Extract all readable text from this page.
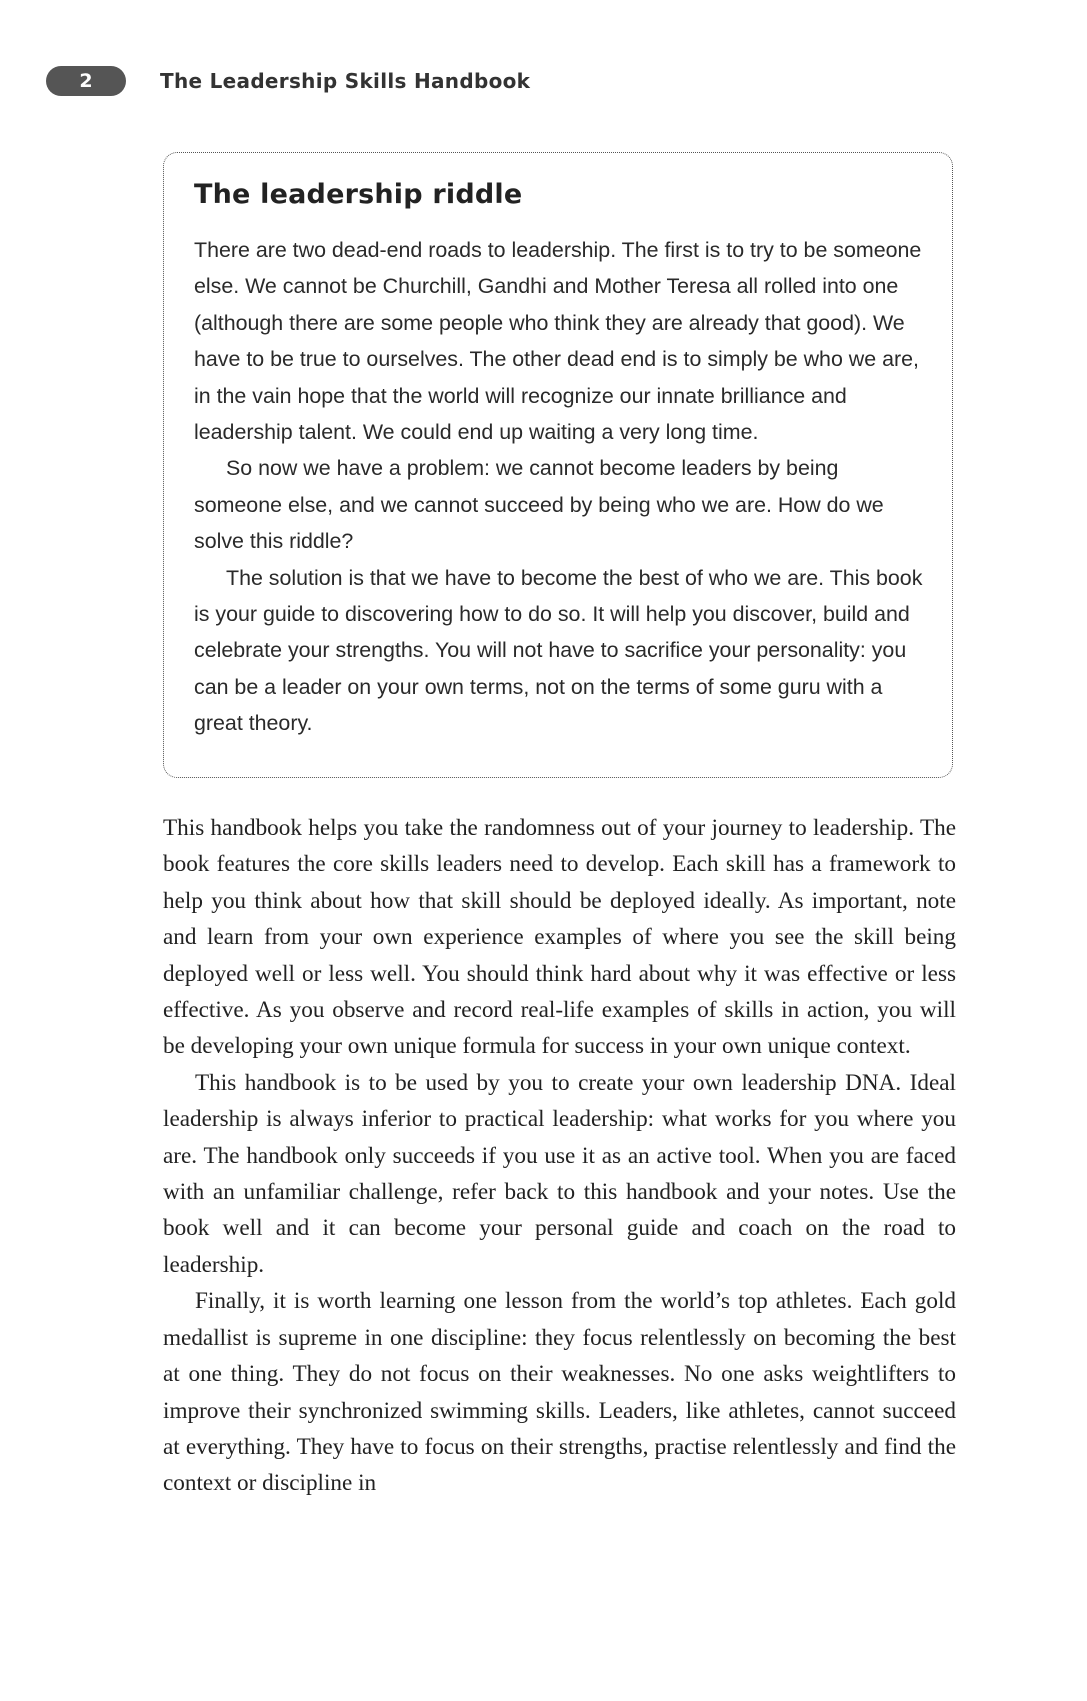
2	The Leadership Skills Handbook
The leadership riddle

There are two dead-end roads to leadership. The first is to try to be someone else. We cannot be Churchill, Gandhi and Mother Teresa all rolled into one (although there are some people who think they are already that good). We have to be true to ourselves. The other dead end is to simply be who we are, in the vain hope that the world will recognize our innate brilliance and leadership talent. We could end up waiting a very long time.

So now we have a problem: we cannot become leaders by being someone else, and we cannot succeed by being who we are. How do we solve this riddle?

The solution is that we have to become the best of who we are. This book is your guide to discovering how to do so. It will help you discover, build and celebrate your strengths. You will not have to sacrifice your personality: you can be a leader on your own terms, not on the terms of some guru with a great theory.

This handbook helps you take the randomness out of your journey to leadership. The book features the core skills leaders need to develop. Each skill has a framework to help you think about how that skill should be deployed ideally. As important, note and learn from your own experience examples of where you see the skill being deployed well or less well. You should think hard about why it was effective or less effective. As you observe and record real-life examples of skills in action, you will be developing your own unique formula for success in your own unique context.

This handbook is to be used by you to create your own leadership DNA. Ideal leadership is always inferior to practical leadership: what works for you where you are. The handbook only succeeds if you use it as an active tool. When you are faced with an unfamiliar challenge, refer back to this handbook and your notes. Use the book well and it can become your personal guide and coach on the road to leadership.

Finally, it is worth learning one lesson from the world’s top athletes. Each gold medallist is supreme in one discipline: they focus relentlessly on becoming the best at one thing. They do not focus on their weaknesses. No one asks weightlifters to improve their synchronized swimming skills. Leaders, like athletes, cannot succeed at everything. They have to focus on their strengths, practise relentlessly and find the context or discipline in
